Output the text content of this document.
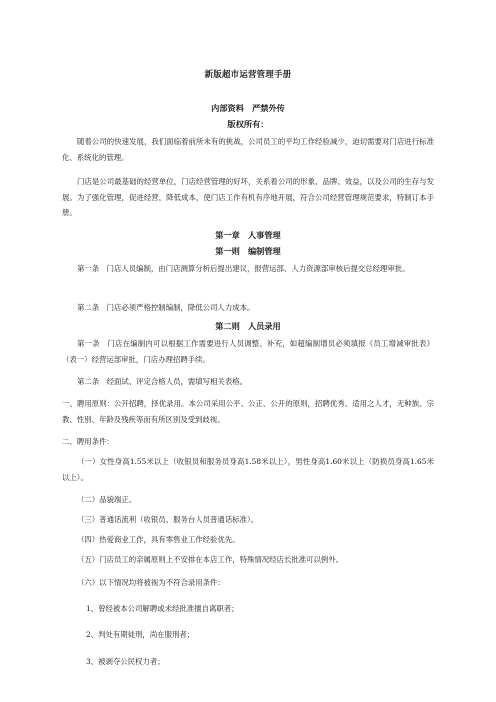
新版超市运营管理手册
内部资料　严禁外传
版权所有：
随着公司的快速发展，我们面临着前所未有的挑战，公司员工的平均工作经验减少，迫切需要对门店进行标准化、系统化的管理。
门店是公司最基础的经营单位，门店经营管理的好坏，关系着公司的形象、品牌、效益，以及公司的生存与发展。为了强化管理，促进经营，降低成本，使门店工作有机有序地开展，符合公司经营管理规范要求，特制订本手册。
第一章　人事管理
第一则　编制管理
第一条　门店人员编制，由门店测算分析后提出建议，报营运部、人力资源部审核后提交总经理审批。
第二条　门店必须严格控制编制，降低公司人力成本。
第二则　人员录用
第一条　门店在编制内可以根据工作需要进行人员调整、补充，如超编制增员必须填报《员工增减审批表》（表一）经营运部审批，门店办理招聘手续。
第二条　经面试、评定合格人员，需填写相关表格。
一、聘用原则：公开招聘，择优录用。本公司采用公平、公正、公开的原则，招聘优秀、适用之人才，无种族、宗教、性别、年龄及残疾等而有所区别及受到歧视。
二、聘用条件：
（一）女性身高1.55米以上（收银员和服务员身高1.58米以上），男性身高1.60米以上（防损员身高1.65米以上）。
（二）品貌端正。
（三）普通话流利（收银员、服务台人员普通话标准）。
（四）热爱商业工作，具有零售业工作经验优先。
（五）门店员工的亲属原则上不安排在本店工作，特殊情况经店长批准可以例外。
（六）以下情况均将被视为不符合录用条件：
1、曾经被本公司解聘或未经批准擅自离职者；
2、判处有期徒刑，尚在服刑者；
3、被剥夺公民权力者；
